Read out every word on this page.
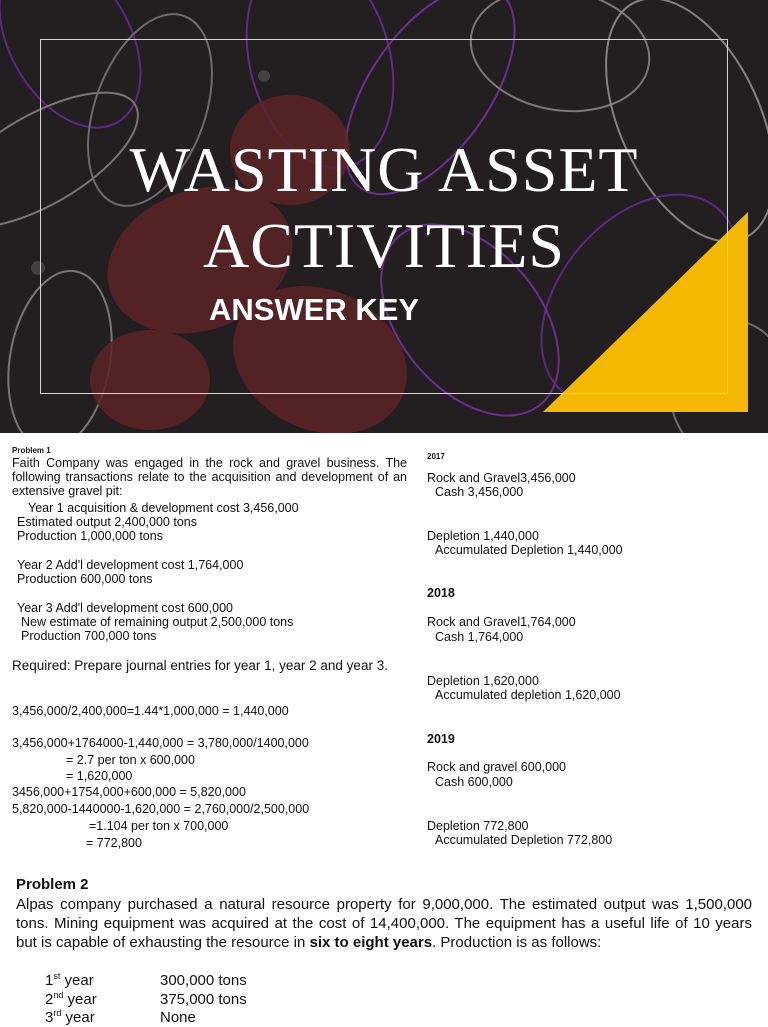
WASTING ASSET
ACTIVITIES
ANSWER KEY
Problem 1
Faith Company was engaged in the rock and gravel business. The following transactions relate to the acquisition and development of an extensive gravel pit:
Year 1 acquisition & development cost 3,456,000
Estimated output 2,400,000 tons
Production 1,000,000 tons
Year 2 Add'l development cost 1,764,000
Production 600,000 tons
Year 3 Add'l development cost 600,000
New estimate of remaining output 2,500,000 tons
Production 700,000 tons
Required: Prepare journal entries for year 1, year 2 and year 3.
3,456,000/2,400,000=1.44*1,000,000 = 1,440,000
3,456,000+1764000-1,440,000 = 3,780,000/1400,000
= 2.7 per ton x 600,000
= 1,620,000
3456,000+1754,000+600,000 = 5,820,000
5,820,000-1440000-1,620,000 = 2,760,000/2,500,000
=1.104 per ton x 700,000
= 772,800
2017
Rock and Gravel3,456,000
Cash 3,456,000
Depletion 1,440,000
Accumulated Depletion 1,440,000
2018
Rock and Gravel1,764,000
Cash 1,764,000
Depletion 1,620,000
Accumulated depletion 1,620,000
2019
Rock and gravel 600,000
Cash 600,000
Depletion 772,800
Accumulated Depletion 772,800
Problem 2
Alpas company purchased a natural resource property for 9,000,000. The estimated output was 1,500,000 tons. Mining equipment was acquired at the cost of 14,400,000. The equipment has a useful life of 10 years but is capable of exhausting the resource in six to eight years. Production is as follows:
1st year	300,000 tons
2nd year	375,000 tons
3rd year	None
